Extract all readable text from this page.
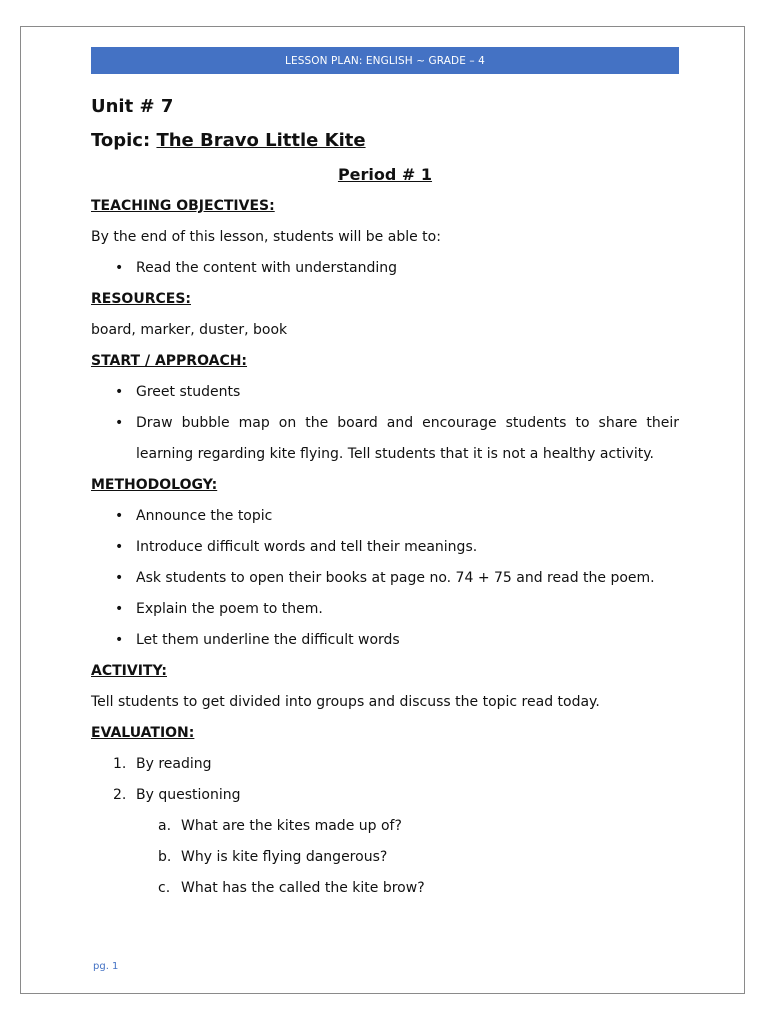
LESSON PLAN: ENGLISH ~ GRADE – 4
Unit # 7
Topic: The Bravo Little Kite
Period # 1
TEACHING OBJECTIVES:
By the end of this lesson, students will be able to:
• Read the content with understanding
RESOURCES:
board, marker, duster, book
START / APPROACH:
• Greet students
• Draw bubble map on the board and encourage students to share their learning regarding kite flying. Tell students that it is not a healthy activity.
METHODOLOGY:
• Announce the topic
• Introduce difficult words and tell their meanings.
• Ask students to open their books at page no. 74 + 75 and read the poem.
• Explain the poem to them.
• Let them underline the difficult words
ACTIVITY:
Tell students to get divided into groups and discuss the topic read today.
EVALUATION:
1. By reading
2. By questioning
a. What are the kites made up of?
b. Why is kite flying dangerous?
c. What has the called the kite brow?
pg. 1
